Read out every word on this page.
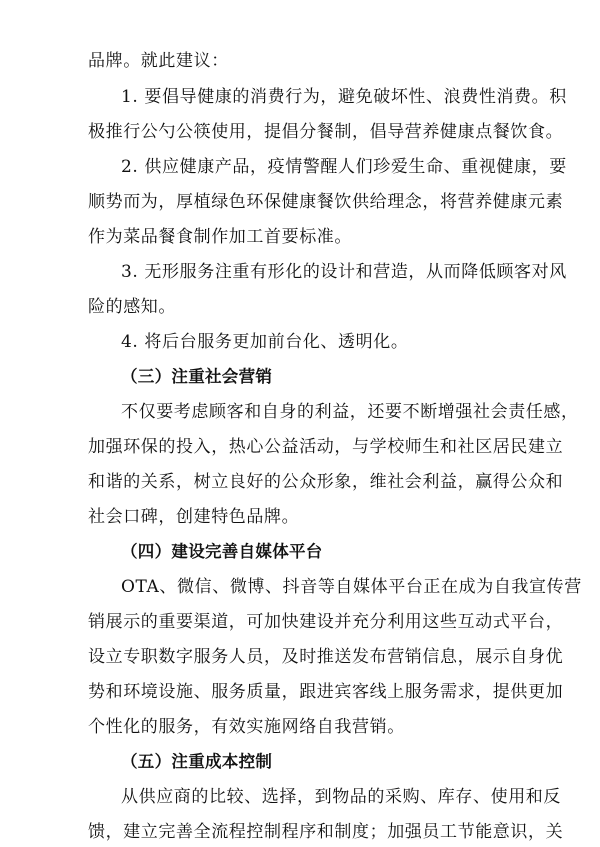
品牌。就此建议：
1. 要倡导健康的消费行为，避免破坏性、浪费性消费。积
极推行公勺公筷使用，提倡分餐制，倡导营养健康点餐饮食。
2. 供应健康产品，疫情警醒人们珍爱生命、重视健康，要
顺势而为，厚植绿色环保健康餐饮供给理念，将营养健康元素
作为菜品餐食制作加工首要标准。
3. 无形服务注重有形化的设计和营造，从而降低顾客对风
险的感知。
4. 将后台服务更加前台化、透明化。
（三）注重社会营销
不仅要考虑顾客和自身的利益，还要不断增强社会责任感，
加强环保的投入，热心公益活动，与学校师生和社区居民建立
和谐的关系，树立良好的公众形象，维社会利益，赢得公众和
社会口碑，创建特色品牌。
（四）建设完善自媒体平台
OTA、微信、微博、抖音等自媒体平台正在成为自我宣传营
销展示的重要渠道，可加快建设并充分利用这些互动式平台，
设立专职数字服务人员，及时推送发布营销信息，展示自身优
势和环境设施、服务质量，跟进宾客线上服务需求，提供更加
个性化的服务，有效实施网络自我营销。
（五）注重成本控制
从供应商的比较、选择，到物品的采购、库存、使用和反
馈，建立完善全流程控制程序和制度；加强员工节能意识，关
